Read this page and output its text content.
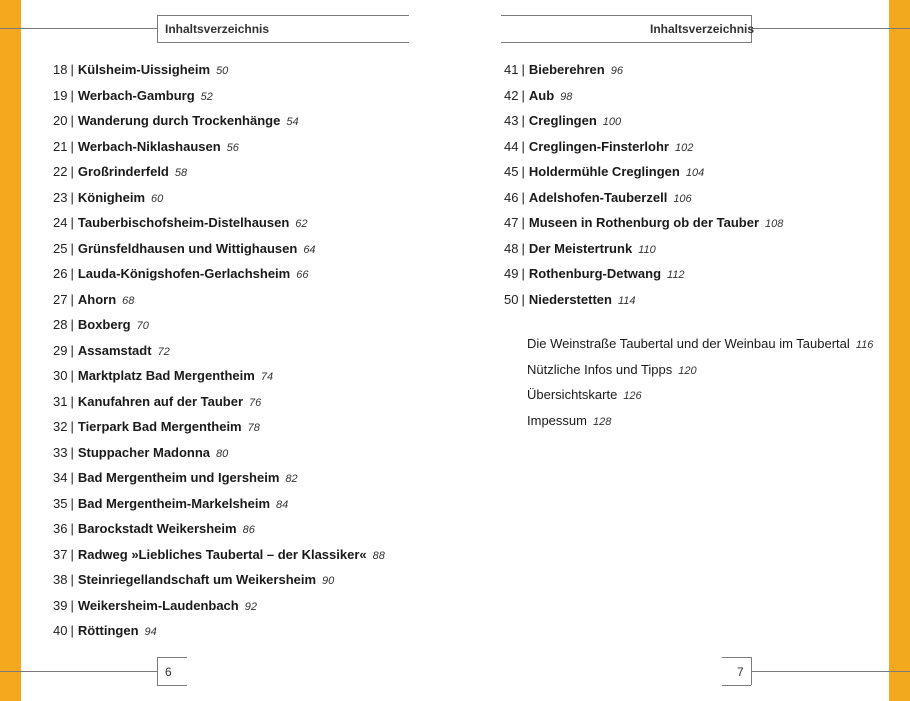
Inhaltsverzeichnis	Inhaltsverzeichnis
18 | Külsheim-Uissigheim 50
19 | Werbach-Gamburg 52
20 | Wanderung durch Trockenhänge 54
21 | Werbach-Niklashausen 56
22 | Großrinderfeld 58
23 | Königheim 60
24 | Tauberbischofsheim-Distelhausen 62
25 | Grünsfeldhausen und Wittighausen 64
26 | Lauda-Königshofen-Gerlachsheim 66
27 | Ahorn 68
28 | Boxberg 70
29 | Assamstadt 72
30 | Marktplatz Bad Mergentheim 74
31 | Kanufahren auf der Tauber 76
32 | Tierpark Bad Mergentheim 78
33 | Stuppacher Madonna 80
34 | Bad Mergentheim und Igersheim 82
35 | Bad Mergentheim-Markelsheim 84
36 | Barockstadt Weikersheim 86
37 | Radweg »Liebliches Taubertal – der Klassiker« 88
38 | Steinriegellandschaft um Weikersheim 90
39 | Weikersheim-Laudenbach 92
40 | Röttingen 94
41 | Bieberehren 96
42 | Aub 98
43 | Creglingen 100
44 | Creglingen-Finsterlohr 102
45 | Holdermühle Creglingen 104
46 | Adelshofen-Tauberzell 106
47 | Museen in Rothenburg ob der Tauber 108
48 | Der Meistertrunk 110
49 | Rothenburg-Detwang 112
50 | Niederstetten 114
Die Weinstraße Taubertal und der Weinbau im Taubertal 116
Nützliche Infos und Tipps 120
Übersichtskarte 126
Impessum 128
6	7
